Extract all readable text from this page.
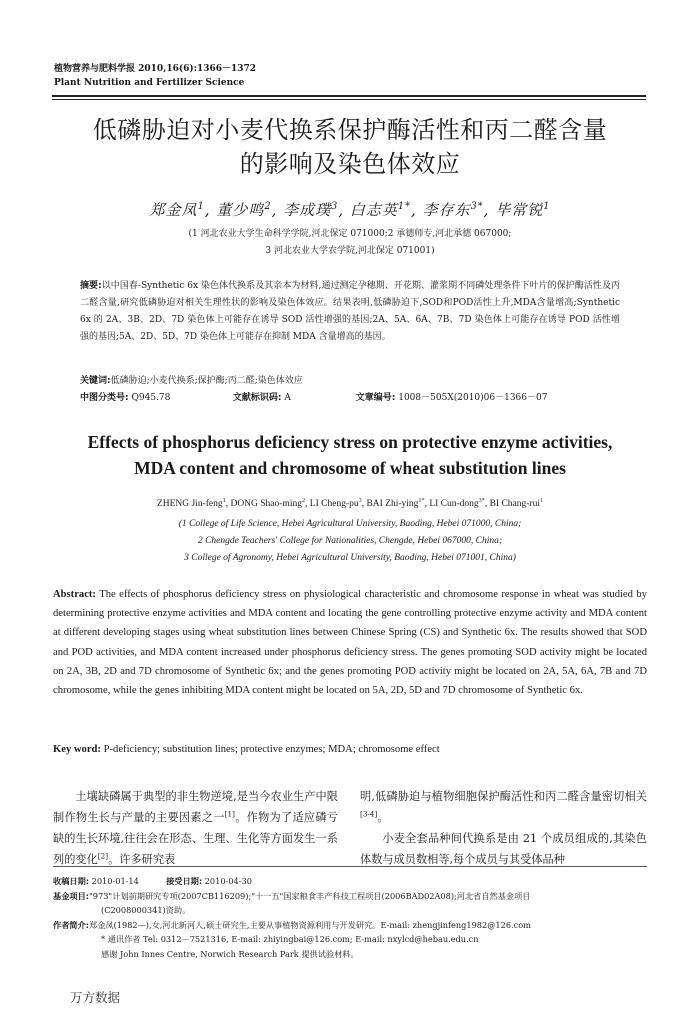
植物营养与肥料学报 2010,16(6):1366－1372
Plant Nutrition and Fertilizer Science
低磷胁迫对小麦代换系保护酶活性和丙二醛含量
的影响及染色体效应
郑金凤$^1$, 董少鸣$^2$, 李成璞$^3$, 白志英$^{1*}$, 李存东$^{3*}$, 毕常锐$^1$
(1 河北农业大学生命科学学院,河北保定 071000;2 承德师专,河北承德 067000;
3 河北农业大学农学院,河北保定 071001)
摘要:以中国春-Synthetic 6x 染色体代换系及其亲本为材料,通过测定孕穗期、开花期、灌浆期不同磷处理条件下叶片的保护酶活性及丙二醛含量,研究低磷胁迫对相关生理性状的影响及染色体效应。结果表明,低磷胁迫下,SOD和POD活性上升,MDA含量增高;Synthetic 6x 的 2A、3B、2D、7D 染色体上可能存在诱导 SOD 活性增强的基因;2A、5A、6A、7B、7D 染色体上可能存在诱导 POD 活性增强的基因;5A、2D、5D、7D 染色体上可能存在抑制 MDA 含量增高的基因。
关键词:低磷胁迫;小麦代换系;保护酶;丙二醛;染色体效应
中图分类号: Q945.78	文献标识码: A	文章编号: 1008－505X(2010)06－1366－07
Effects of phosphorus deficiency stress on protective enzyme activities,
MDA content and chromosome of wheat substitution lines
ZHENG Jin-feng$^1$, DONG Shao-ming$^2$, LI Cheng-$pu^3$, BAI Zhi-ying$^{1*}$, LI Cun-dong$^{3*}$, BI Chang-rui$^1$
(1 College of Life Science, Hebei Agricultural University, Baoding, Hebei 071000, China;
2 Chengde Teachers' College for Nationalities, Chengde, Hebei 067000, China;
3 College of Agronomy, Hebei Agricultural University, Baoding, Hebei 071001, China)
Abstract: The effects of phosphorus deficiency stress on physiological characteristic and chromosome response in wheat was studied by determining protective enzyme activities and MDA content and locating the gene controlling protective enzyme activity and MDA content at different developing stages using wheat substitution lines between Chinese Spring (CS) and Synthetic 6x. The results showed that SOD and POD activities, and MDA content increased under phosphorus deficiency stress. The genes promoting SOD activity might be located on 2A, 3B, 2D and 7D chromosome of Synthetic 6x; and the genes promoting POD activity might be located on 2A, 5A, 6A, 7B and 7D chromosome, while the genes inhibiting MDA content might be located on 5A, 2D, 5D and 7D chromosome of Synthetic 6x.
Key word: P-deficiency; substitution lines; protective enzymes; MDA; chromosome effect

土壤缺磷属于典型的非生物逆境,是当今农业生产中限制作物生长与产量的主要因素之一[1]。作物为了适应磷亏缺的生长环境,往往会在形态、生理、生化等方面发生一系列的变化[2]。许多研究表

明,低磷胁迫与植物细胞保护酶活性和丙二醛含量密切相关[3-4]。

小麦全套品种间代换系是由 21 个成员组成的,其染色体数与成员数相等,每个成员与其受体品种

收稿日期: 2010-01-14	接受日期: 2010-04-30
基金项目:"973"计划前期研究专项(2007CB116209);"十一五"国家粮食丰产科技工程项目(2006BAD02A08);河北省自然基金项目
(C2008000341)资助。
作者简介:郑金凤(1982—),女,河北新河人,硕士研究生,主要从事植物资源利用与开发研究。E-mail: zhengjinfeng1982@126.com
* 通讯作者 Tel: 0312－7521316, E-mail: zhiyingbai@126.com; E-mail: nxylcd@hebau.edu.cn
感谢 John Innes Centre, Norwich Research Park 提供试验材料。
万方数据
